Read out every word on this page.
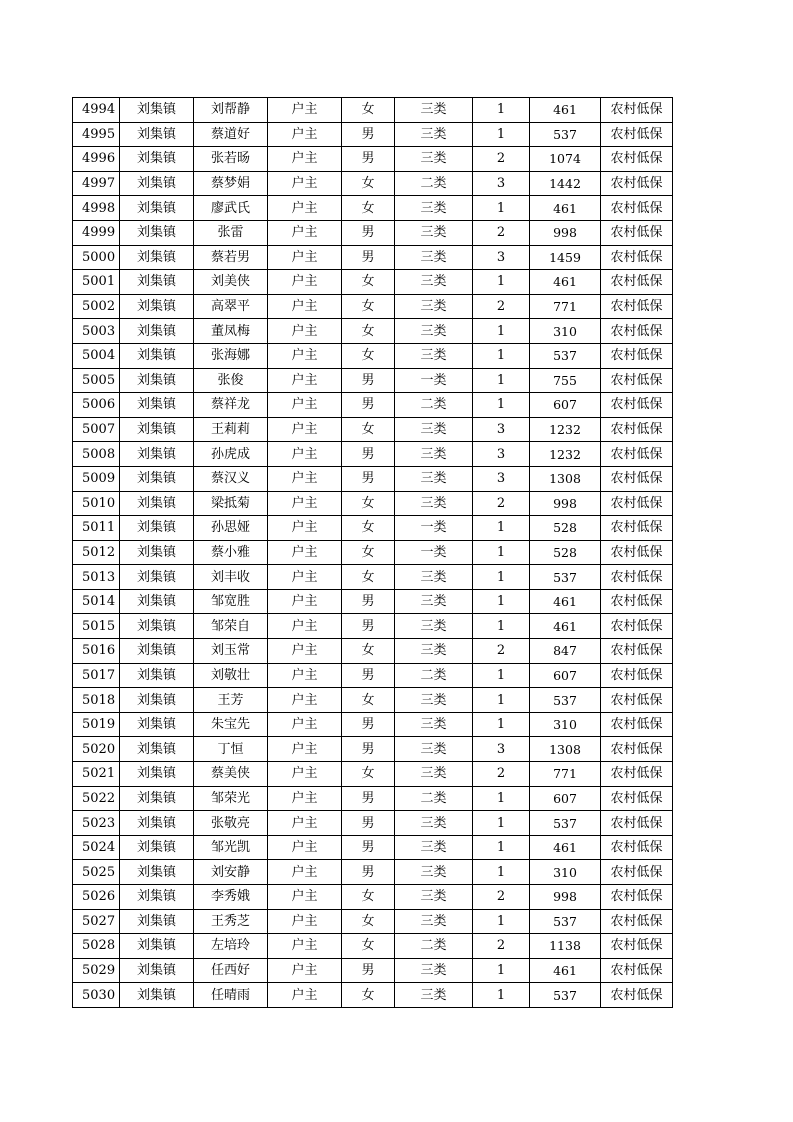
4994	刘集镇	刘帮静	户主	女	三类	1	461	农村低保
4995	刘集镇	蔡道好	户主	男	三类	1	537	农村低保
4996	刘集镇	张若旸	户主	男	三类	2	1074	农村低保
4997	刘集镇	蔡梦娟	户主	女	二类	3	1442	农村低保
4998	刘集镇	廖武氏	户主	女	三类	1	461	农村低保
4999	刘集镇	张雷	户主	男	三类	2	998	农村低保
5000	刘集镇	蔡若男	户主	男	三类	3	1459	农村低保
5001	刘集镇	刘美侠	户主	女	三类	1	461	农村低保
5002	刘集镇	高翠平	户主	女	三类	2	771	农村低保
5003	刘集镇	董凤梅	户主	女	三类	1	310	农村低保
5004	刘集镇	张海娜	户主	女	三类	1	537	农村低保
5005	刘集镇	张俊	户主	男	一类	1	755	农村低保
5006	刘集镇	蔡祥龙	户主	男	二类	1	607	农村低保
5007	刘集镇	王莉莉	户主	女	三类	3	1232	农村低保
5008	刘集镇	孙虎成	户主	男	三类	3	1232	农村低保
5009	刘集镇	蔡汉义	户主	男	三类	3	1308	农村低保
5010	刘集镇	梁抵菊	户主	女	三类	2	998	农村低保
5011	刘集镇	孙思娅	户主	女	一类	1	528	农村低保
5012	刘集镇	蔡小雅	户主	女	一类	1	528	农村低保
5013	刘集镇	刘丰收	户主	女	三类	1	537	农村低保
5014	刘集镇	邹宽胜	户主	男	三类	1	461	农村低保
5015	刘集镇	邹荣自	户主	男	三类	1	461	农村低保
5016	刘集镇	刘玉常	户主	女	三类	2	847	农村低保
5017	刘集镇	刘敬壮	户主	男	二类	1	607	农村低保
5018	刘集镇	王芳	户主	女	三类	1	537	农村低保
5019	刘集镇	朱宝先	户主	男	三类	1	310	农村低保
5020	刘集镇	丁恒	户主	男	三类	3	1308	农村低保
5021	刘集镇	蔡美侠	户主	女	三类	2	771	农村低保
5022	刘集镇	邹荣光	户主	男	二类	1	607	农村低保
5023	刘集镇	张敬亮	户主	男	三类	1	537	农村低保
5024	刘集镇	邹光凯	户主	男	三类	1	461	农村低保
5025	刘集镇	刘安静	户主	男	三类	1	310	农村低保
5026	刘集镇	李秀娥	户主	女	三类	2	998	农村低保
5027	刘集镇	王秀芝	户主	女	三类	1	537	农村低保
5028	刘集镇	左培玲	户主	女	二类	2	1138	农村低保
5029	刘集镇	任西好	户主	男	三类	1	461	农村低保
5030	刘集镇	任晴雨	户主	女	三类	1	537	农村低保
